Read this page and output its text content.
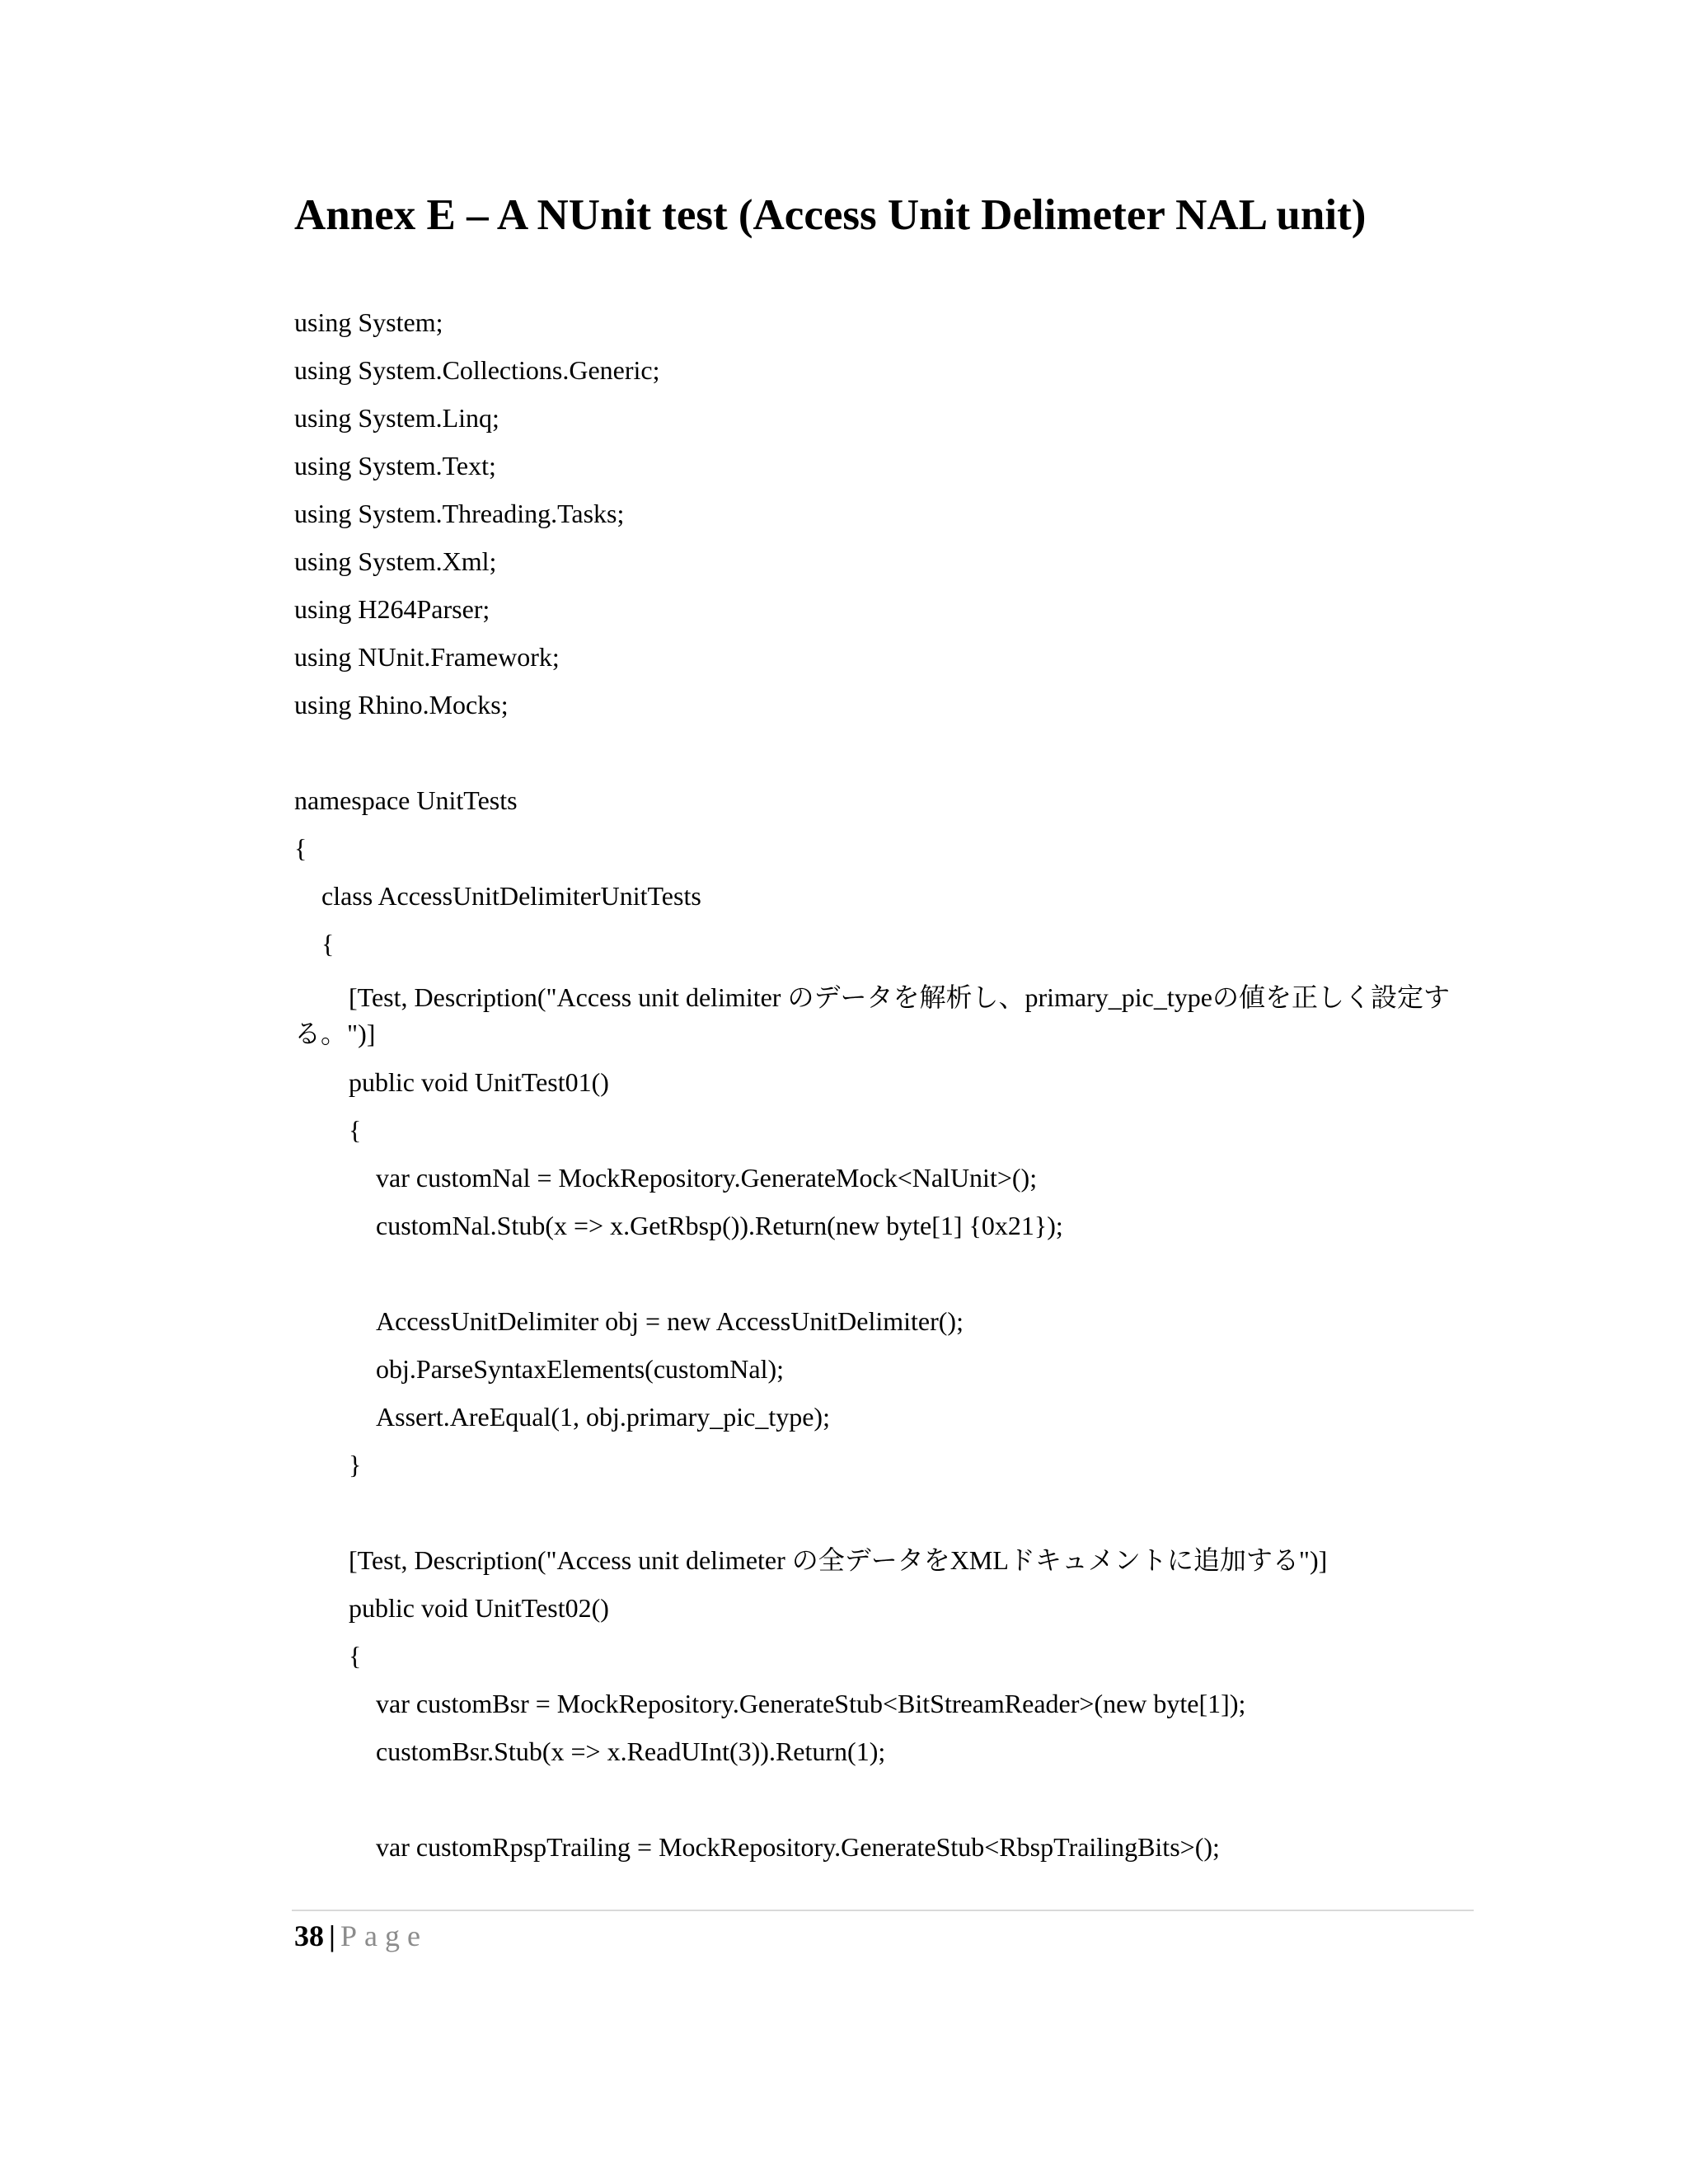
Annex E – A NUnit test (Access Unit Delimeter NAL unit)
using System;
using System.Collections.Generic;
using System.Linq;
using System.Text;
using System.Threading.Tasks;
using System.Xml;
using H264Parser;
using NUnit.Framework;
using Rhino.Mocks;
namespace UnitTests
{
class AccessUnitDelimiterUnitTests
{
[Test, Description("Access unit delimiter のデータを解析し、primary_pic_typeの値を正しく設定する。")]
public void UnitTest01()
{
var customNal = MockRepository.GenerateMock<NalUnit>();
customNal.Stub(x => x.GetRbsp()).Return(new byte[1] {0x21});
AccessUnitDelimiter obj = new AccessUnitDelimiter();
obj.ParseSyntaxElements(customNal);
Assert.AreEqual(1, obj.primary_pic_type);
}
[Test, Description("Access unit delimeter の全データをXMLドキュメントに追加する")]
public void UnitTest02()
{
var customBsr = MockRepository.GenerateStub<BitStreamReader>(new byte[1]);
customBsr.Stub(x => x.ReadUInt(3)).Return(1);
var customRpspTrailing = MockRepository.GenerateStub<RbspTrailingBits>();
38 | Page
